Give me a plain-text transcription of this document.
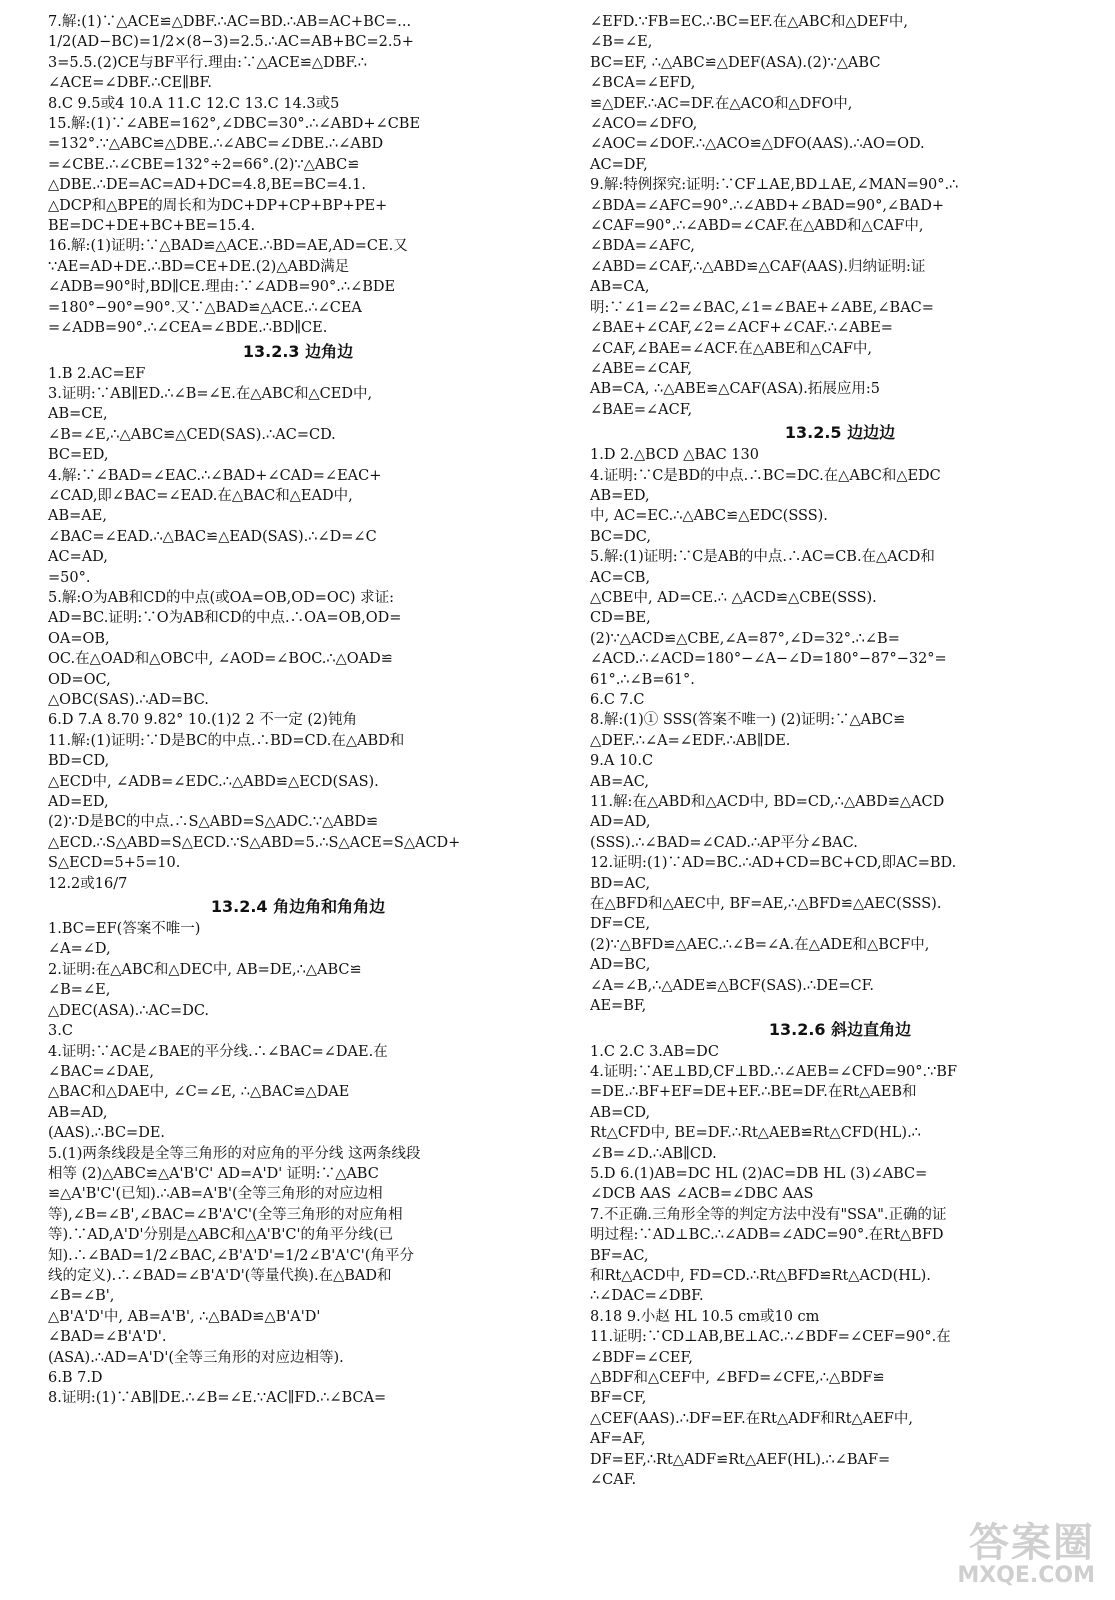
7.解:(1)∵△ACE≌△DBF.∴AC=BD.∴AB=AC+BC=...
1/2(AD−BC)=1/2×(8−3)=2.5.∴AC=AB+BC=2.5+
3=5.5.(2)CE与BF平行.理由:∵△ACE≌△DBF.∴
∠ACE=∠DBF.∴CE∥BF.
8.C 9.5或4 10.A 11.C 12.C 13.C 14.3或5
15.解:(1)∵∠ABE=162°,∠DBC=30°.∴∠ABD+∠CBE
=132°.∵△ABC≌△DBE.∴∠ABC=∠DBE.∴∠ABD
=∠CBE.∴∠CBE=132°÷2=66°.(2)∵△ABC≌
△DBE.∴DE=AC=AD+DC=4.8,BE=BC=4.1.
△DCP和△BPE的周长和为DC+DP+CP+BP+PE+
BE=DC+DE+BC+BE=15.4.
16.解:(1)证明:∵△BAD≌△ACE.∴BD=AE,AD=CE.又
∵AE=AD+DE.∴BD=CE+DE.(2)△ABD满足
∠ADB=90°时,BD∥CE.理由:∵∠ADB=90°.∴∠BDE
=180°−90°=90°.又∵△BAD≌△ACE.∴∠CEA
=∠ADB=90°.∴∠CEA=∠BDE.∴BD∥CE.
13.2.3 边角边
1.B 2.AC=EF
3.证明:∵AB∥ED.∴∠B=∠E.在△ABC和△CED中,
AB=CE,
∠B=∠E,∴△ABC≌△CED(SAS).∴AC=CD.
BC=ED,
4.解:∵∠BAD=∠EAC.∴∠BAD+∠CAD=∠EAC+
∠CAD,即∠BAC=∠EAD.在△BAC和△EAD中,
AB=AE,
∠BAC=∠EAD.∴△BAC≌△EAD(SAS).∴∠D=∠C
AC=AD,
=50°.
5.解:O为AB和CD的中点(或OA=OB,OD=OC) 求证:
AD=BC.证明:∵O为AB和CD的中点.∴OA=OB,OD=
OA=OB,
OC.在△OAD和△OBC中, ∠AOD=∠BOC.∴△OAD≌
OD=OC,
△OBC(SAS).∴AD=BC.
6.D 7.A 8.70 9.82° 10.(1)2 2 不一定 (2)钝角
11.解:(1)证明:∵D是BC的中点.∴BD=CD.在△ABD和
BD=CD,
△ECD中, ∠ADB=∠EDC.∴△ABD≌△ECD(SAS).
AD=ED,
(2)∵D是BC的中点.∴S△ABD=S△ADC.∵△ABD≌
△ECD.∴S△ABD=S△ECD.∵S△ABD=5.∴S△ACE=S△ACD+
S△ECD=5+5=10.
12.2或16/7
13.2.4 角边角和角角边
1.BC=EF(答案不唯一)
∠A=∠D,
2.证明:在△ABC和△DEC中, AB=DE,∴△ABC≌
∠B=∠E,
△DEC(ASA).∴AC=DC.
3.C
4.证明:∵AC是∠BAE的平分线.∴∠BAC=∠DAE.在
∠BAC=∠DAE,
△BAC和△DAE中, ∠C=∠E, ∴△BAC≌△DAE
AB=AD,
(AAS).∴BC=DE.
5.(1)两条线段是全等三角形的对应角的平分线 这两条线段
相等 (2)△ABC≌△A'B'C' AD=A'D' 证明:∵△ABC
≌△A'B'C'(已知).∴AB=A'B'(全等三角形的对应边相
等),∠B=∠B',∠BAC=∠B'A'C'(全等三角形的对应角相
等).∵AD,A'D'分别是△ABC和△A'B'C'的角平分线(已
知).∴∠BAD=1/2∠BAC,∠B'A'D'=1/2∠B'A'C'(角平分
线的定义).∴∠BAD=∠B'A'D'(等量代换).在△BAD和
∠B=∠B',
△B'A'D'中, AB=A'B', ∴△BAD≌△B'A'D'
∠BAD=∠B'A'D'.
(ASA).∴AD=A'D'(全等三角形的对应边相等).
6.B 7.D
8.证明:(1)∵AB∥DE.∴∠B=∠E.∵AC∥FD.∴∠BCA=
∠EFD.∵FB=EC.∴BC=EF.在△ABC和△DEF中,
∠B=∠E,
BC=EF, ∴△ABC≌△DEF(ASA).(2)∵△ABC
∠BCA=∠EFD,
≌△DEF.∴AC=DF.在△ACO和△DFO中,
∠ACO=∠DFO,
∠AOC=∠DOF.∴△ACO≌△DFO(AAS).∴AO=OD.
AC=DF,
9.解:特例探究:证明:∵CF⊥AE,BD⊥AE,∠MAN=90°.∴
∠BDA=∠AFC=90°.∴∠ABD+∠BAD=90°,∠BAD+
∠CAF=90°.∴∠ABD=∠CAF.在△ABD和△CAF中,
∠BDA=∠AFC,
∠ABD=∠CAF,∴△ABD≌△CAF(AAS).归纳证明:证
AB=CA,
明:∵∠1=∠2=∠BAC,∠1=∠BAE+∠ABE,∠BAC=
∠BAE+∠CAF,∠2=∠ACF+∠CAF.∴∠ABE=
∠CAF,∠BAE=∠ACF.在△ABE和△CAF中,
∠ABE=∠CAF,
AB=CA, ∴△ABE≌△CAF(ASA).拓展应用:5
∠BAE=∠ACF,
13.2.5 边边边
1.D 2.△BCD △BAC 130
4.证明:∵C是BD的中点.∴BC=DC.在△ABC和△EDC
AB=ED,
中, AC=EC.∴△ABC≌△EDC(SSS).
BC=DC,
5.解:(1)证明:∵C是AB的中点.∴AC=CB.在△ACD和
AC=CB,
△CBE中, AD=CE.∴ △ACD≌△CBE(SSS).
CD=BE,
(2)∵△ACD≌△CBE,∠A=87°,∠D=32°.∴∠B=
∠ACD.∴∠ACD=180°−∠A−∠D=180°−87°−32°=
61°.∴∠B=61°.
6.C 7.C
8.解:(1)① SSS(答案不唯一) (2)证明:∵△ABC≌
△DEF.∴∠A=∠EDF.∴AB∥DE.
9.A 10.C
AB=AC,
11.解:在△ABD和△ACD中, BD=CD,∴△ABD≌△ACD
AD=AD,
(SSS).∴∠BAD=∠CAD.∴AP平分∠BAC.
12.证明:(1)∵AD=BC.∴AD+CD=BC+CD,即AC=BD.
BD=AC,
在△BFD和△AEC中, BF=AE,∴△BFD≌△AEC(SSS).
DF=CE,
(2)∵△BFD≌△AEC.∴∠B=∠A.在△ADE和△BCF中,
AD=BC,
∠A=∠B,∴△ADE≌△BCF(SAS).∴DE=CF.
AE=BF,
13.2.6 斜边直角边
1.C 2.C 3.AB=DC
4.证明:∵AE⊥BD,CF⊥BD.∴∠AEB=∠CFD=90°.∵BF
=DE.∴BF+EF=DE+EF.∴BE=DF.在Rt△AEB和
AB=CD,
Rt△CFD中, BE=DF.∴Rt△AEB≌Rt△CFD(HL).∴
∠B=∠D.∴AB∥CD.
5.D 6.(1)AB=DC HL (2)AC=DB HL (3)∠ABC=
∠DCB AAS ∠ACB=∠DBC AAS
7.不正确.三角形全等的判定方法中没有"SSA".正确的证
明过程:∵AD⊥BC.∴∠ADB=∠ADC=90°.在Rt△BFD
BF=AC,
和Rt△ACD中, FD=CD.∴Rt△BFD≌Rt△ACD(HL).
∴∠DAC=∠DBF.
8.18 9.小赵 HL 10.5 cm或10 cm
11.证明:∵CD⊥AB,BE⊥AC.∴∠BDF=∠CEF=90°.在
∠BDF=∠CEF,
△BDF和△CEF中, ∠BFD=∠CFE,∴△BDF≌
BF=CF,
△CEF(AAS).∴DF=EF.在Rt△ADF和Rt△AEF中,
AF=AF,
DF=EF,∴Rt△ADF≌Rt△AEF(HL).∴∠BAF=
∠CAF.
答案圈
MXQE.COM
